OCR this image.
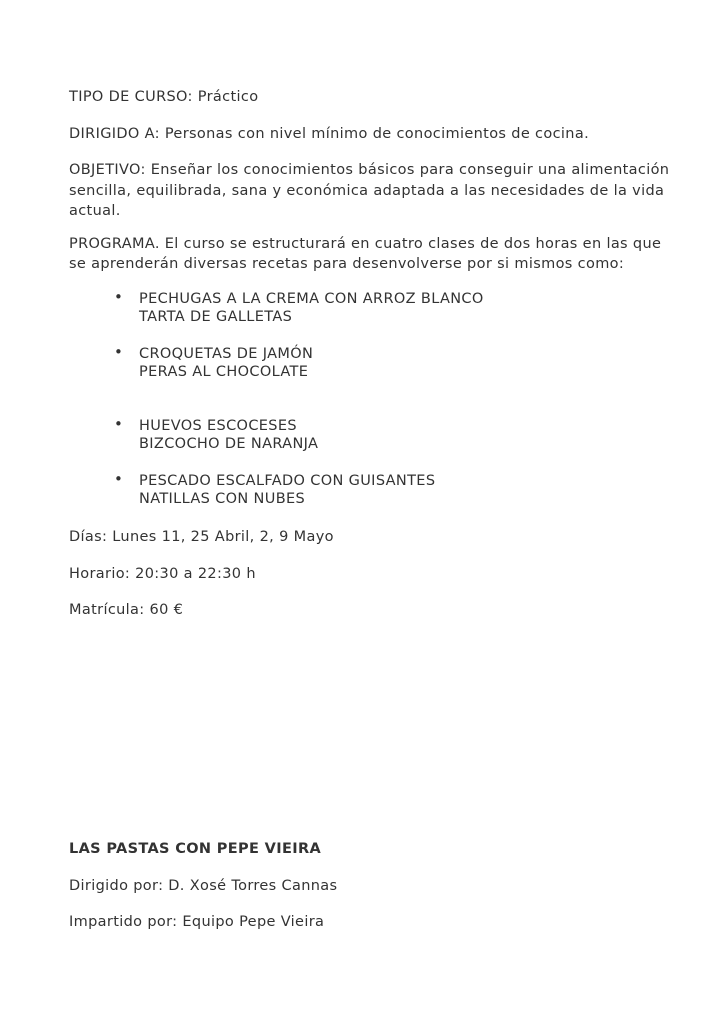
TIPO DE CURSO: Práctico
DIRIGIDO A: Personas con nivel mínimo de conocimientos de cocina.
OBJETIVO: Enseñar los conocimientos básicos para conseguir una alimentación
sencilla, equilibrada, sana y económica adaptada a las necesidades de la vida
actual.
PROGRAMA. El curso se estructurará en cuatro clases de dos horas en las que
se aprenderán diversas recetas para desenvolverse por si mismos como:
• PECHUGAS A LA CREMA CON ARROZ BLANCO
TARTA DE GALLETAS
• CROQUETAS DE JAMÓN
PERAS AL CHOCOLATE
• HUEVOS ESCOCESES
BIZCOCHO DE NARANJA
• PESCADO ESCALFADO CON GUISANTES
NATILLAS CON NUBES
Días: Lunes 11, 25 Abril, 2, 9 Mayo
Horario: 20:30 a 22:30 h
Matrícula: 60 €
LAS PASTAS CON PEPE VIEIRA
Dirigido por: D. Xosé Torres Cannas
Impartido por: Equipo Pepe Vieira
